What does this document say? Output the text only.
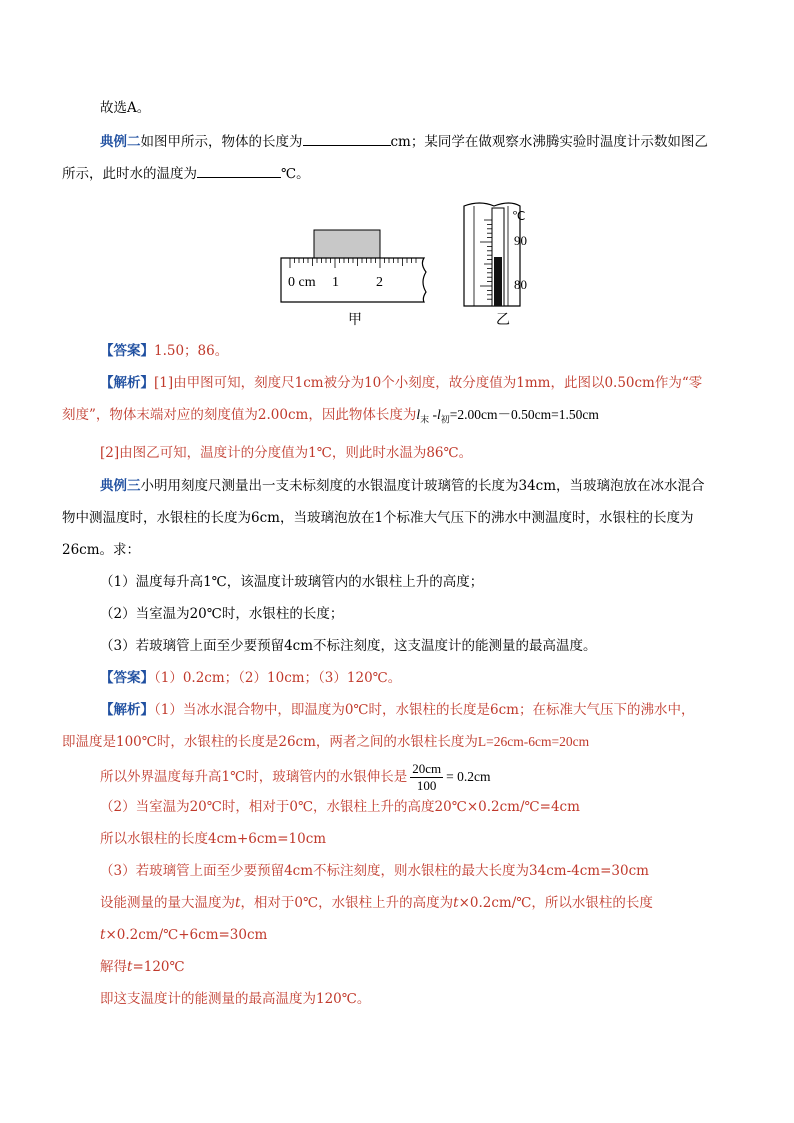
故选A。
典例二如图甲所示，物体的长度为	cm；某同学在做观察水沸腾实验时温度计示数如图乙
所示，此时水的温度为	℃。
0 cm 1	2
甲
℃
90
80
乙
【答案】1.50；86。
【解析】[1]由甲图可知，刻度尺1cm被分为10个小刻度，故分度值为1mm，此图以0.50cm作为“零
刻度”，物体末端对应的刻度值为2.00cm，因此物体长度为$l_末$ $-l_初=2.00cm-0.50cm=1.50cm$
[2]由图乙可知，温度计的分度值为1℃，则此时水温为86℃。
典例三小明用刻度尺测量出一支未标刻度的水银温度计玻璃管的长度为34cm，当玻璃泡放在冰水混合
物中测温度时，水银柱的长度为6cm，当玻璃泡放在1个标准大气压下的沸水中测温度时，水银柱的长度为
26cm。求：
（1）温度每升高1℃，该温度计玻璃管内的水银柱上升的高度；
（2）当室温为20℃时，水银柱的长度；
（3）若玻璃管上面至少要预留4cm不标注刻度，这支温度计的能测量的最高温度。
【答案】（1）0.2cm；（2）10cm；（3）120℃。
【解析】（1）当冰水混合物中，即温度为0℃时，水银柱的长度是6cm；在标准大气压下的沸水中，
即温度是100℃时，水银柱的长度是26cm，两者之间的水银柱长度为L=26cm-6cm=20cm
所以外界温度每升高1℃时，玻璃管内的水银伸长是 $\frac{20cm}{100} = 0.2cm$
（2）当室温为20℃时，相对于0℃，水银柱上升的高度20℃×0.2cm/℃=4cm
所以水银柱的长度4cm+6cm=10cm
（3）若玻璃管上面至少要预留4cm不标注刻度，则水银柱的最大长度为34cm-4cm=30cm
设能测量的量大温度为t，相对于0℃，水银柱上升的高度为t×0.2cm/℃，所以水银柱的长度
t×0.2cm/℃+6cm=30cm
解得t=120℃
即这支温度计的能测量的最高温度为120℃。
